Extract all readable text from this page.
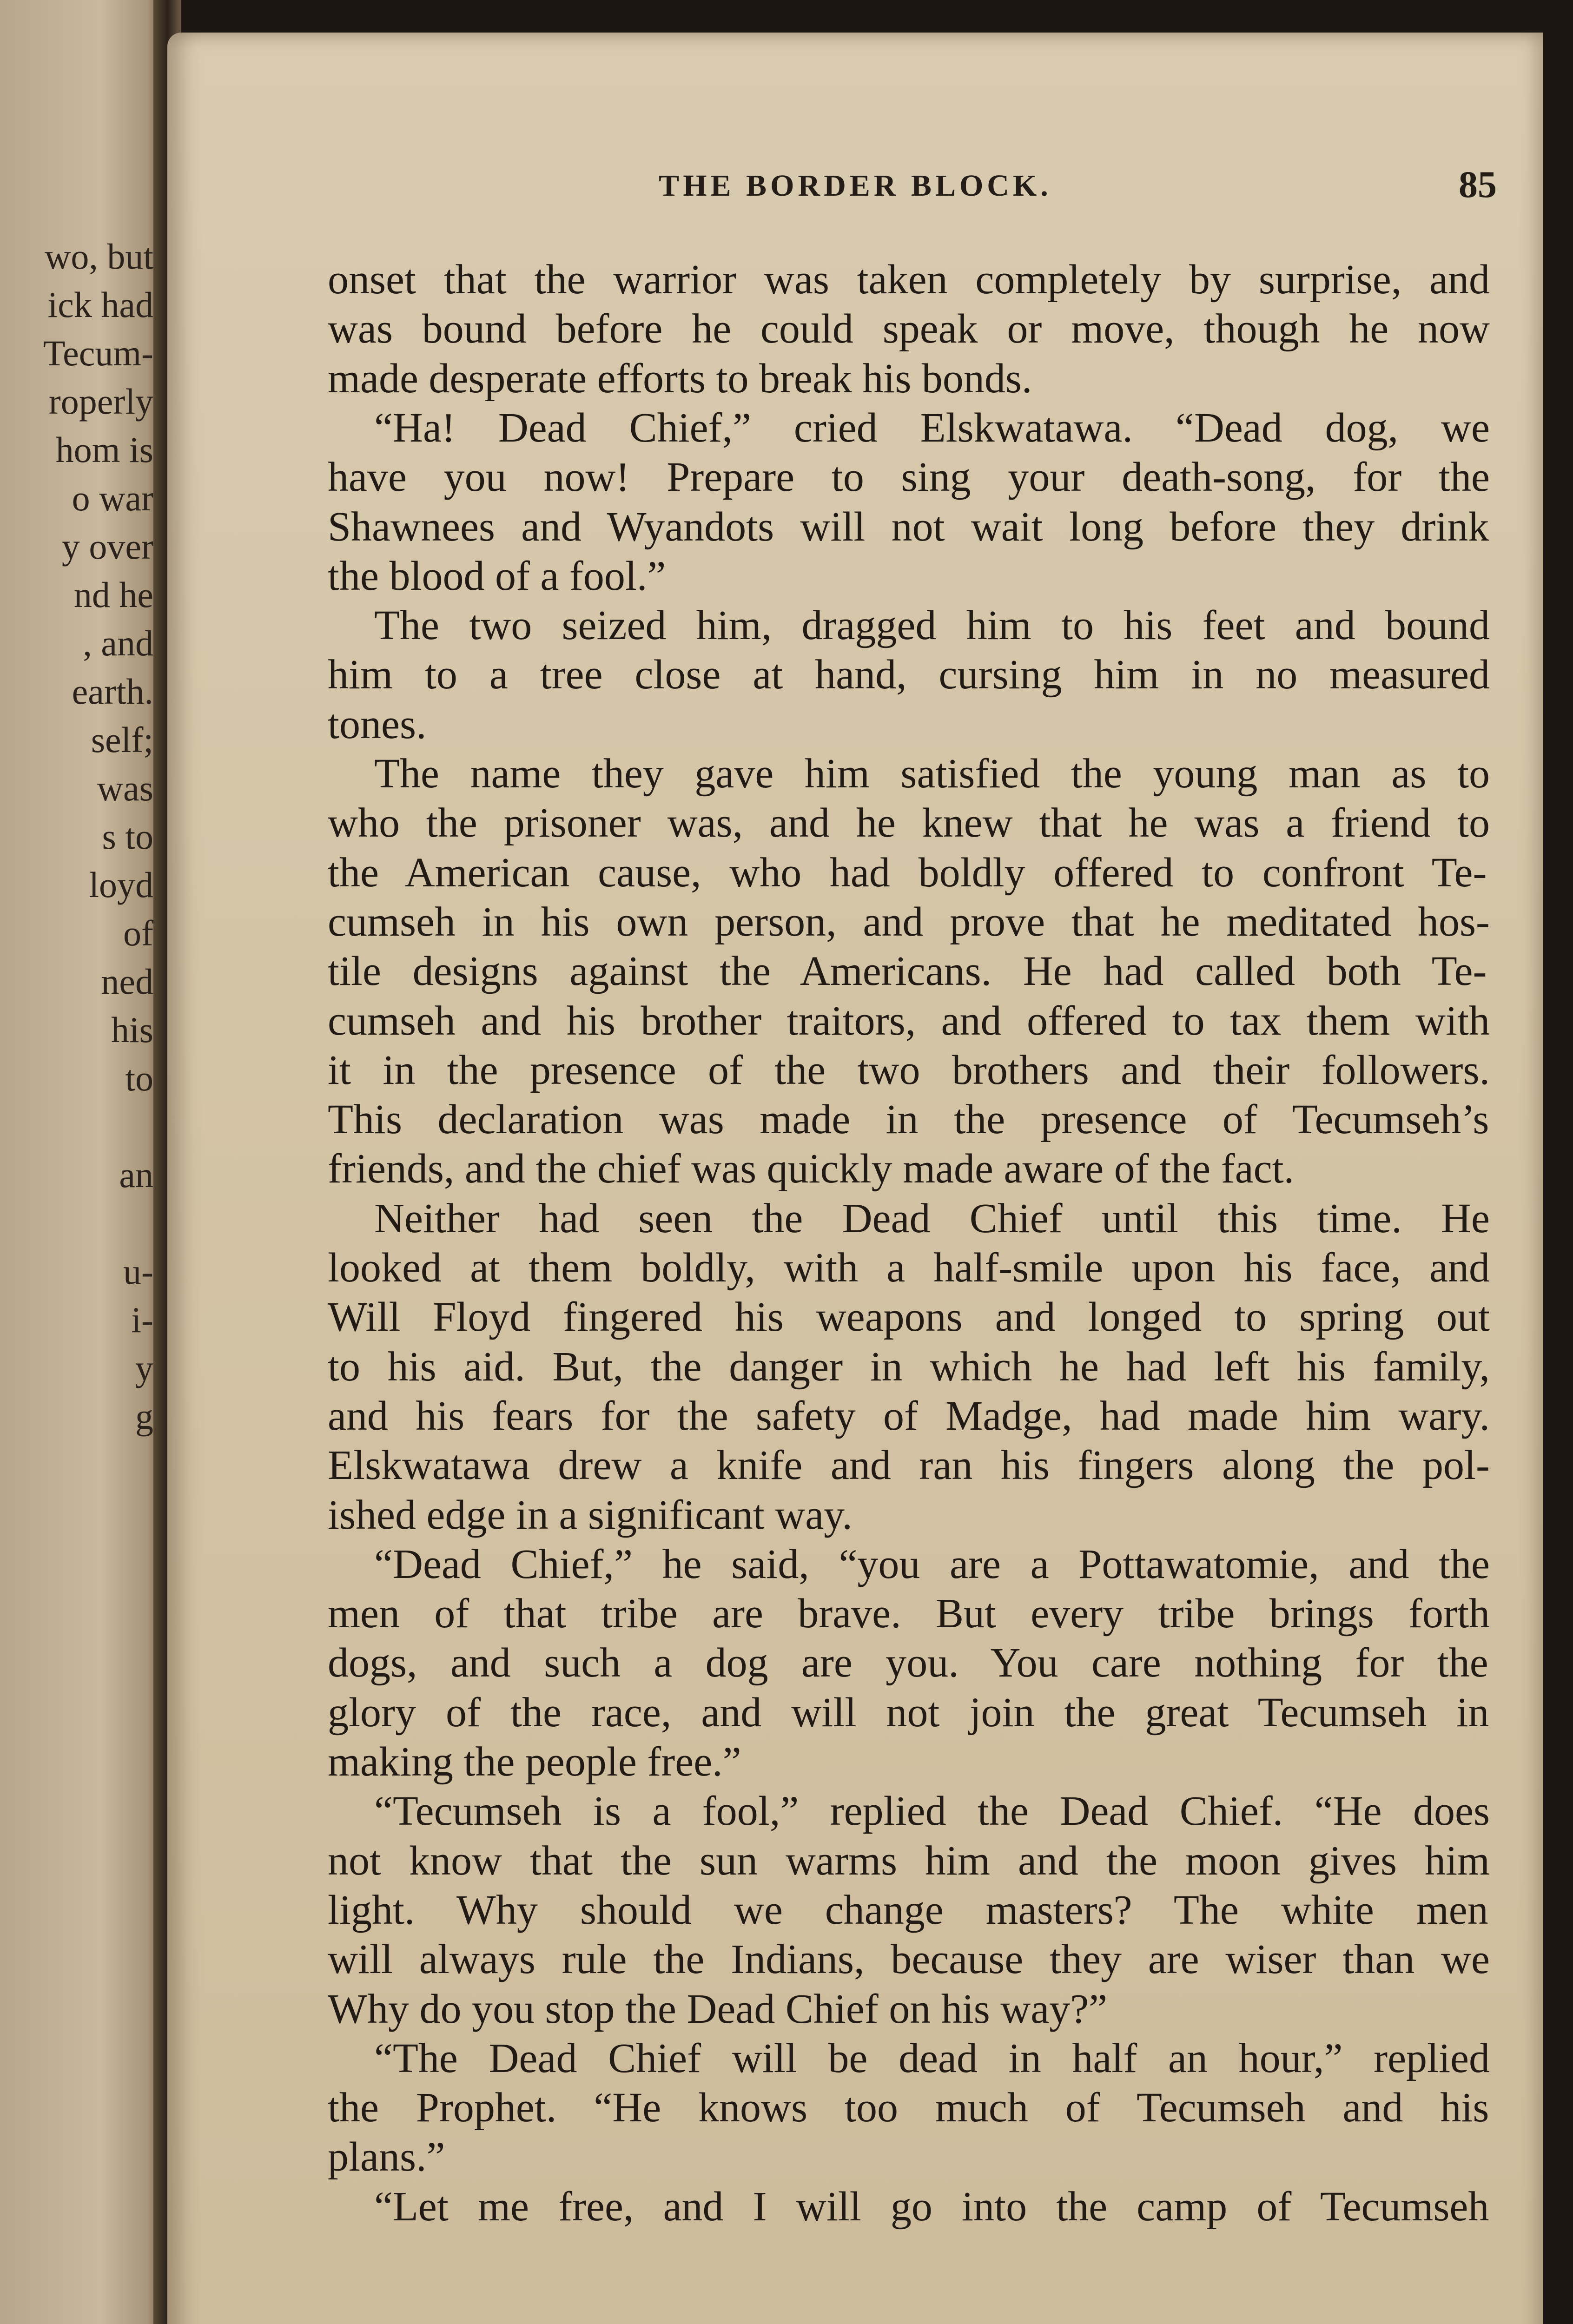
wo, but
ick had
Tecum-
roperly
hom is
o war
y over
nd he
, and
earth.
self;
was
s to
loyd
of
ned
his
to

an

u-
i-
y
g

THE BORDER BLOCK.	85
onset that the warrior was taken completely by surprise, and
was bound before he could speak or move, though he now
made desperate efforts to break his bonds.
“Ha! Dead Chief,” cried Elskwatawa. “Dead dog, we
have you now! Prepare to sing your death-song, for the
Shawnees and Wyandots will not wait long before they drink
the blood of a fool.”
The two seized him, dragged him to his feet and bound
him to a tree close at hand, cursing him in no measured
tones.
The name they gave him satisfied the young man as to
who the prisoner was, and he knew that he was a friend to
the American cause, who had boldly offered to confront Te-
cumseh in his own person, and prove that he meditated hos-
tile designs against the Americans. He had called both Te-
cumseh and his brother traitors, and offered to tax them with
it in the presence of the two brothers and their followers.
This declaration was made in the presence of Tecumseh’s
friends, and the chief was quickly made aware of the fact.
Neither had seen the Dead Chief until this time. He
looked at them boldly, with a half-smile upon his face, and
Will Floyd fingered his weapons and longed to spring out
to his aid. But, the danger in which he had left his family,
and his fears for the safety of Madge, had made him wary.
Elskwatawa drew a knife and ran his fingers along the pol-
ished edge in a significant way.
“Dead Chief,” he said, “you are a Pottawatomie, and the
men of that tribe are brave. But every tribe brings forth
dogs, and such a dog are you. You care nothing for the
glory of the race, and will not join the great Tecumseh in
making the people free.”
“Tecumseh is a fool,” replied the Dead Chief. “He does
not know that the sun warms him and the moon gives him
light. Why should we change masters? The white men
will always rule the Indians, because they are wiser than we
Why do you stop the Dead Chief on his way?”
“The Dead Chief will be dead in half an hour,” replied
the Prophet. “He knows too much of Tecumseh and his
plans.”
“Let me free, and I will go into the camp of Tecumseh
